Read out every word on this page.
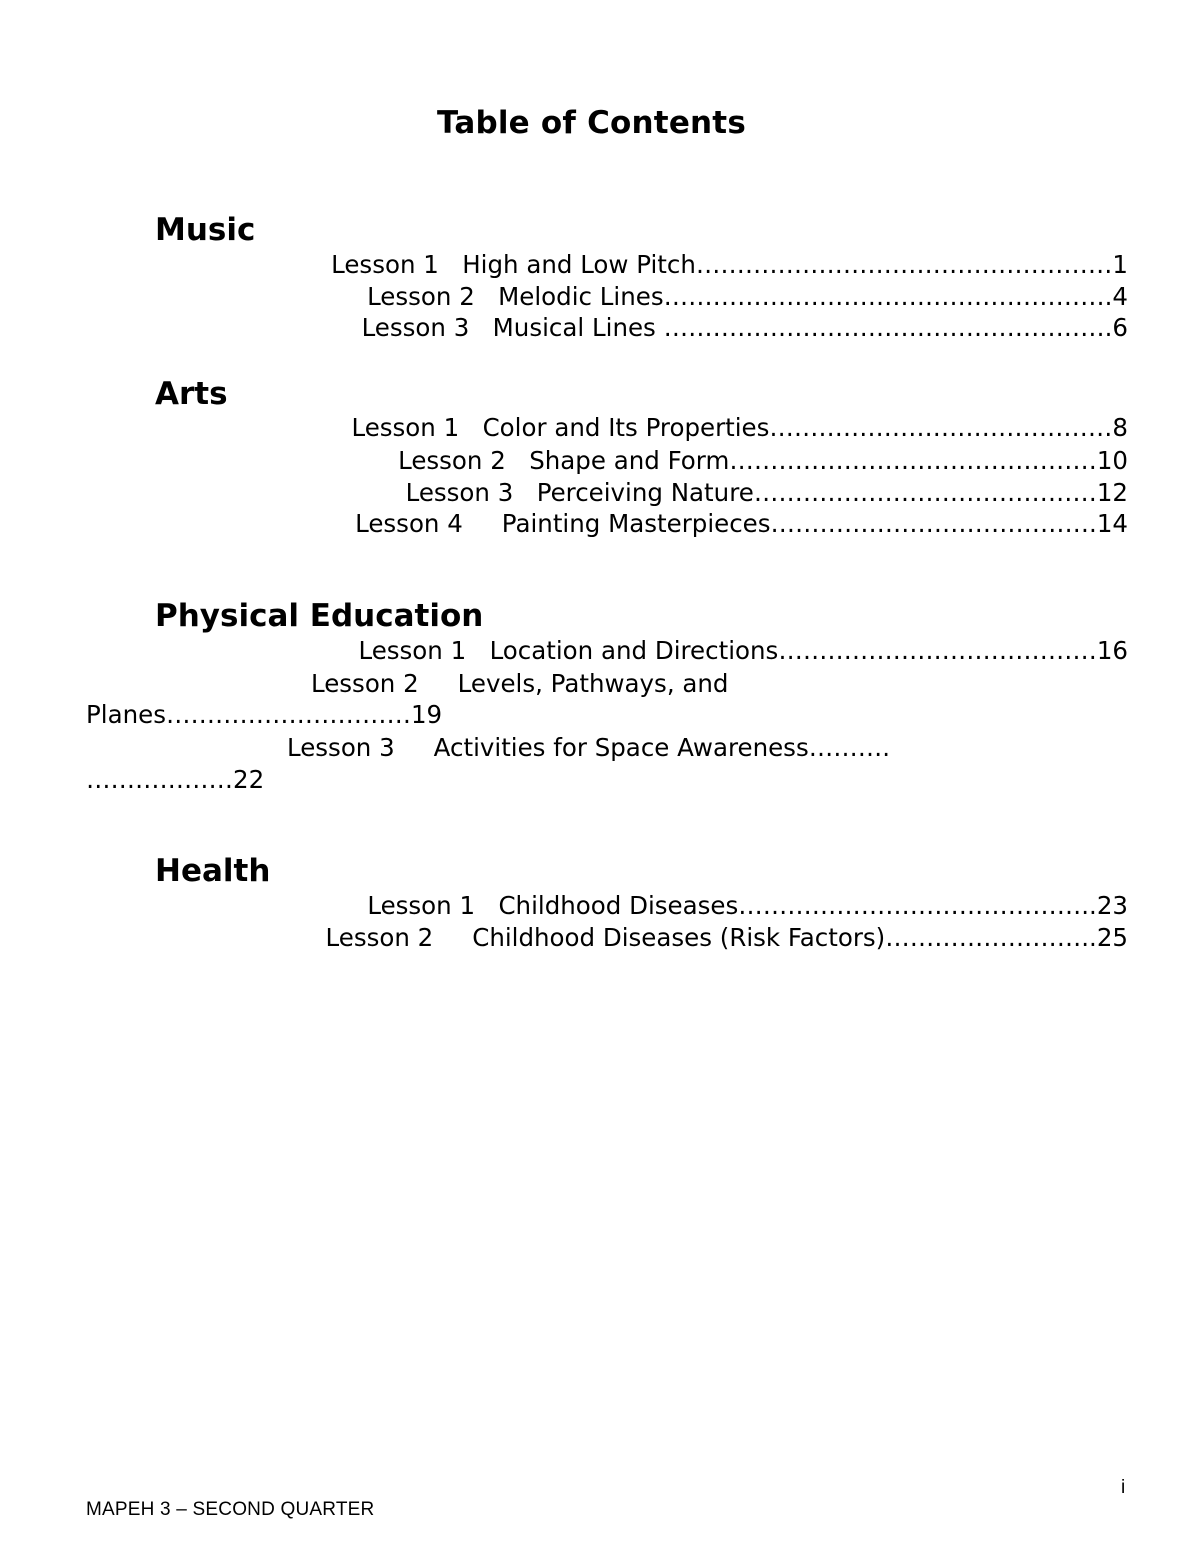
Table of Contents
Music
Lesson 1 High and Low Pitch……………………………………………1
Lesson 2 Melodic Lines……………………………………………….4
Lesson 3 Musical Lines ……………………………………………….6
Arts
Lesson 1 Color and Its Properties……………………………………8
Lesson 2 Shape and Form………………………………………10
Lesson 3 Perceiving Nature……………………………………12
Lesson 4 Painting Masterpieces………………………………….14
Physical Education
Lesson 1 Location and Directions…………………………………16
Lesson 2 Levels, Pathways, and
Planes…………………………19
Lesson 3 Activities for Space Awareness……….
………………22
Health
Lesson 1 Childhood Diseases……………………………………..23
Lesson 2 Childhood Diseases (Risk Factors)……………………..25
i
MAPEH 3 – SECOND QUARTER
